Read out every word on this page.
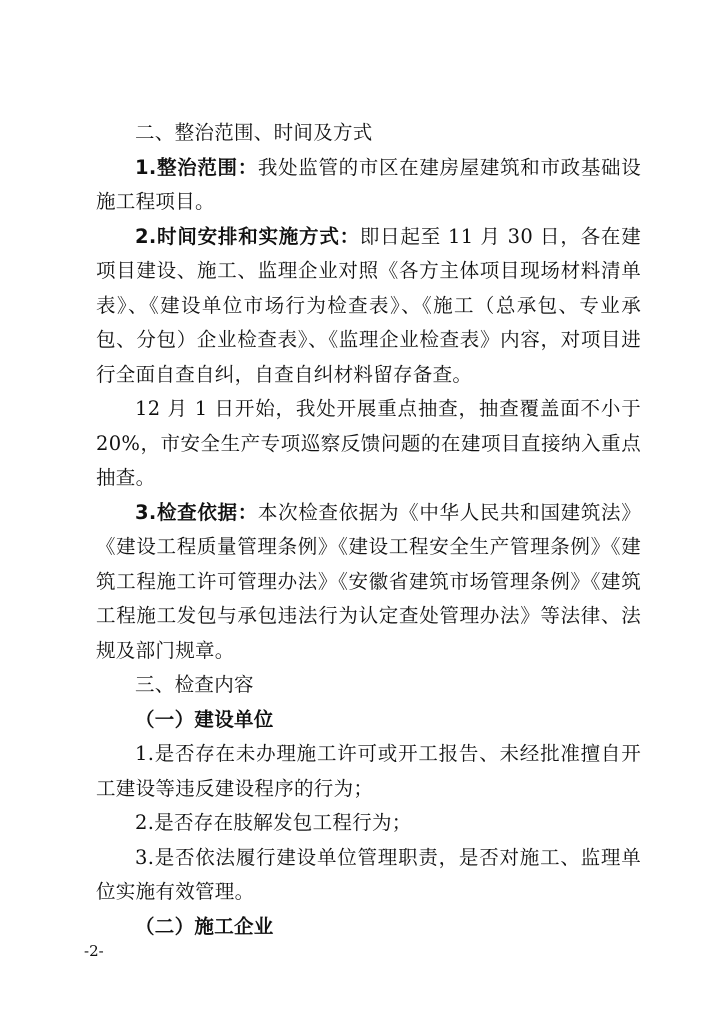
二、整治范围、时间及方式

1.整治范围：我处监管的市区在建房屋建筑和市政基础设施工程项目。

2.时间安排和实施方式：即日起至 11 月 30 日，各在建项目建设、施工、监理企业对照《各方主体项目现场材料清单表》、《建设单位市场行为检查表》、《施工（总承包、专业承包、分包）企业检查表》、《监理企业检查表》内容，对项目进行全面自查自纠，自查自纠材料留存备查。

12 月 1 日开始，我处开展重点抽查，抽查覆盖面不小于 20%，市安全生产专项巡察反馈问题的在建项目直接纳入重点抽查。

3.检查依据：本次检查依据为《中华人民共和国建筑法》《建设工程质量管理条例》《建设工程安全生产管理条例》《建筑工程施工许可管理办法》《安徽省建筑市场管理条例》《建筑工程施工发包与承包违法行为认定查处管理办法》等法律、法规及部门规章。

三、检查内容

（一）建设单位

1.是否存在未办理施工许可或开工报告、未经批准擅自开工建设等违反建设程序的行为；

2.是否存在肢解发包工程行为；

3.是否依法履行建设单位管理职责，是否对施工、监理单位实施有效管理。

（二）施工企业

-2-
